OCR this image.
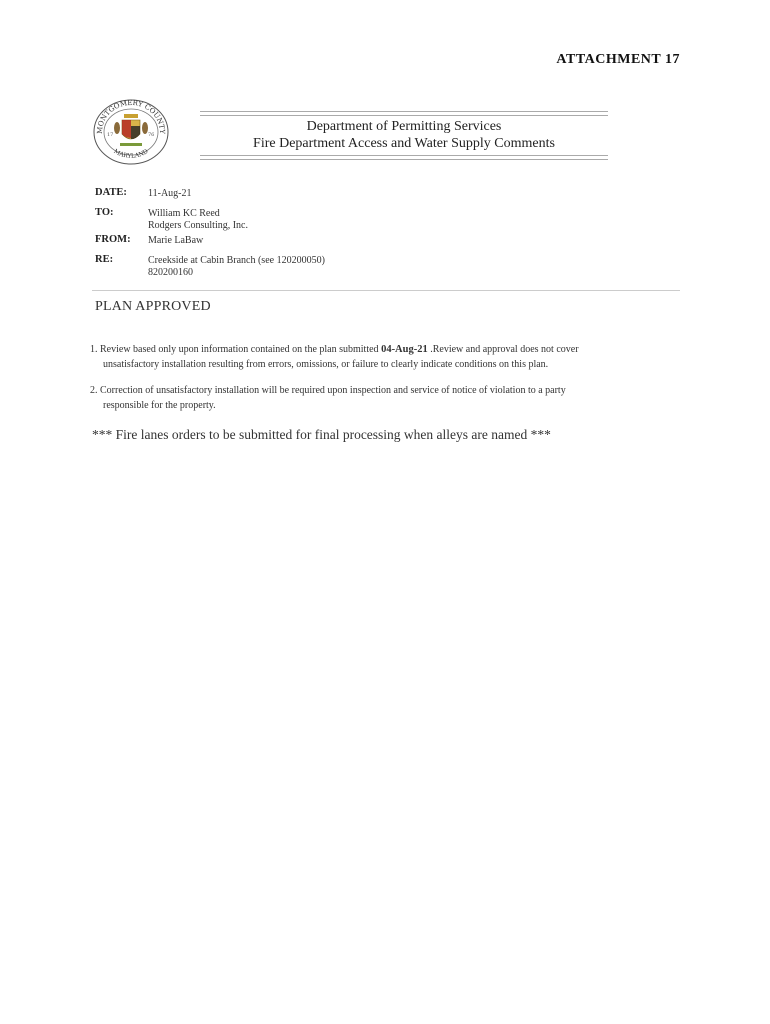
ATTACHMENT 17
MONTGOMERY COUNTY
MARYLAND
17	76
Department of Permitting Services
Fire Department Access and Water Supply Comments
DATE: 11-Aug-21
TO:	William KC Reed
Rodgers Consulting, Inc.
FROM: Marie LaBaw
RE:	Creekside at Cabin Branch (see 120200050)
820200160
PLAN APPROVED
1. Review based only upon information contained on the plan submitted 04-Aug-21 .Review and approval does not cover
unsatisfactory installation resulting from errors, omissions, or failure to clearly indicate conditions on this plan.
2. Correction of unsatisfactory installation will be required upon inspection and service of notice of violation to a party
responsible for the property.
*** Fire lanes orders to be submitted for final processing when alleys are named ***
